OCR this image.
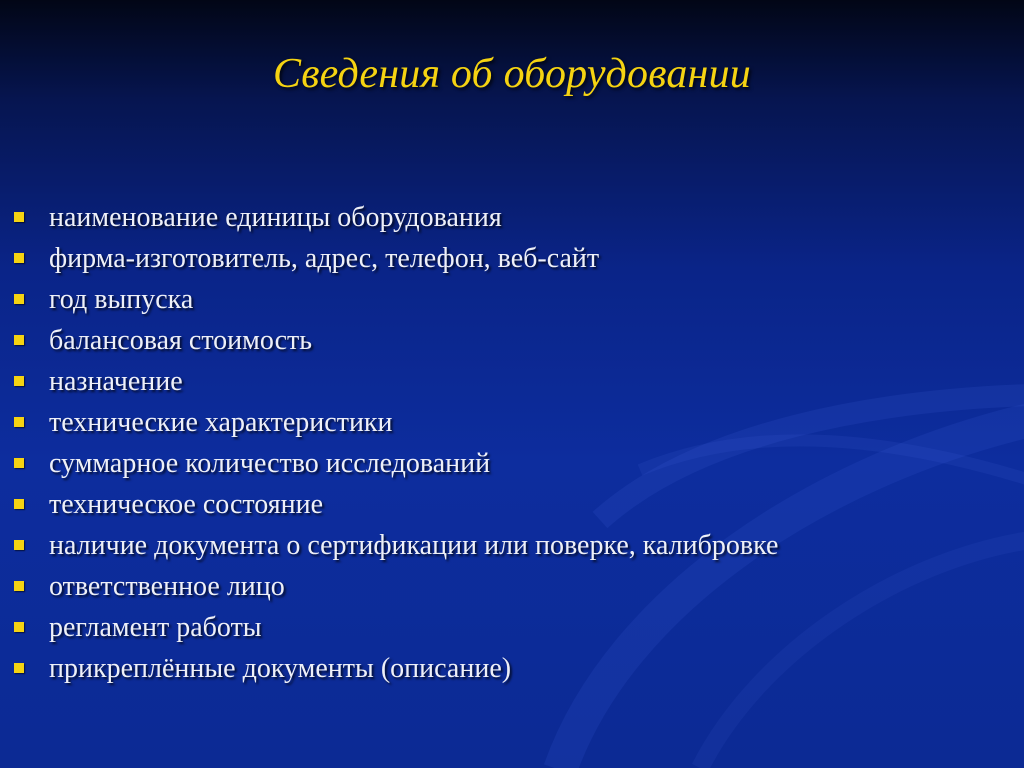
Сведения об оборудовании
наименование единицы оборудования
фирма-изготовитель, адрес, телефон, веб-сайт
год выпуска
балансовая стоимость
назначение
технические характеристики
суммарное количество исследований
техническое состояние
наличие документа о сертификации или поверке, калибровке
ответственное лицо
регламент работы
прикреплённые документы (описание)
